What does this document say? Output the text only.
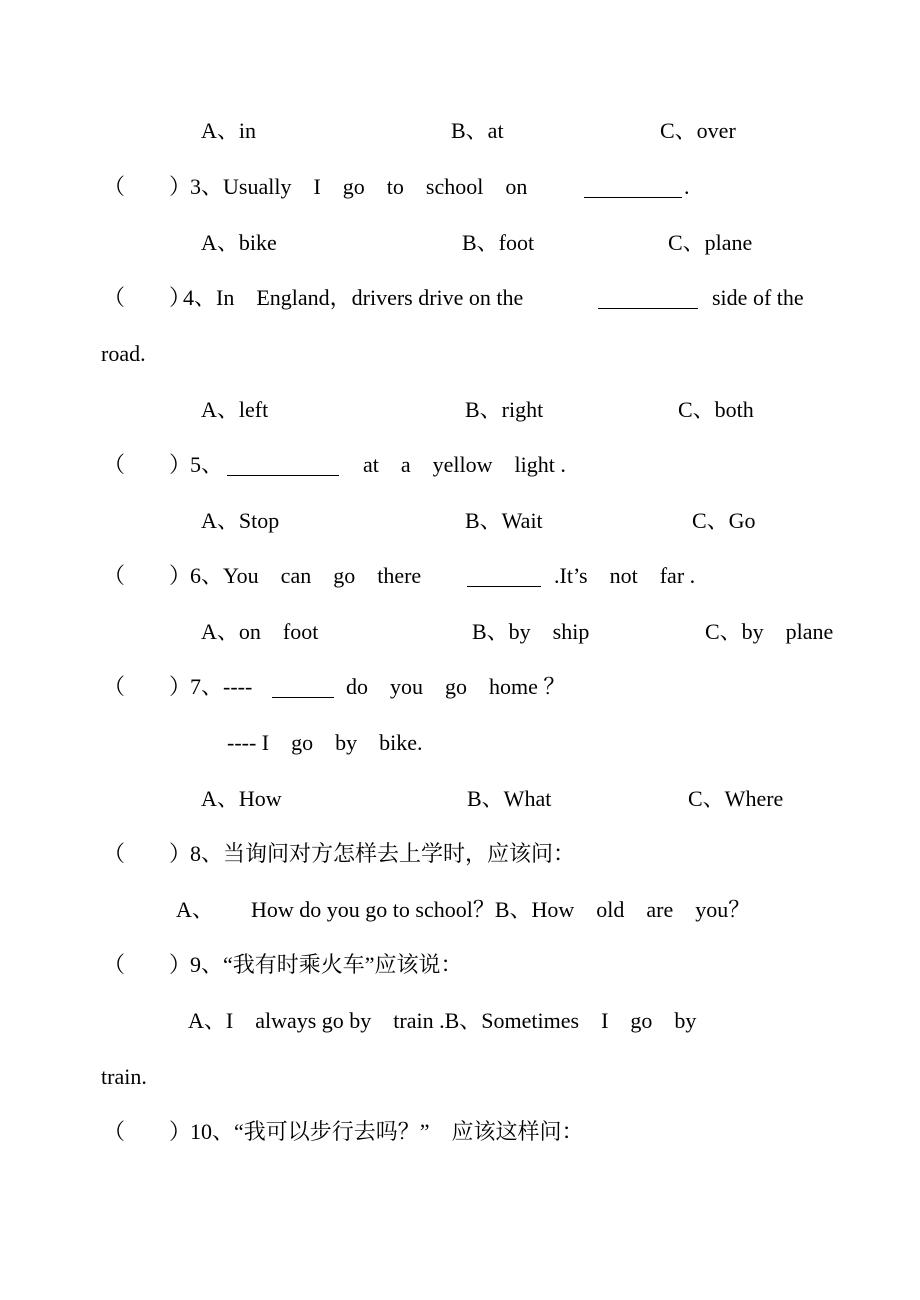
A、in	B、at	C、over
（　　）
3、Usually　I　go　to　school　on	.
A、bike	B、foot	C、plane
（　　）
4、In　England，drivers drive on the	side of the
road.
A、left	B、right	C、both
（　　）
5、	at　a　yellow　light .
A、Stop	B、Wait	C、Go
（　　）
6、You　can　go　there	.It’s　not　far .
A、on　foot	B、by　ship	C、by　plane
（　　）
7、----	do　you　go　home ？
---- I　go　by　bike.
A、How	B、What	C、Where
（　　）
8、当询问对方怎样去上学时，应该问：
A、 How do you go to school？B、How　old　are　you？
（　　）
9、“我有时乘火车”应该说：
A、I　always go by　train .B、Sometimes　I　go　by
train.
（　　）
10、“我可以步行去吗？”　应该这样问：
